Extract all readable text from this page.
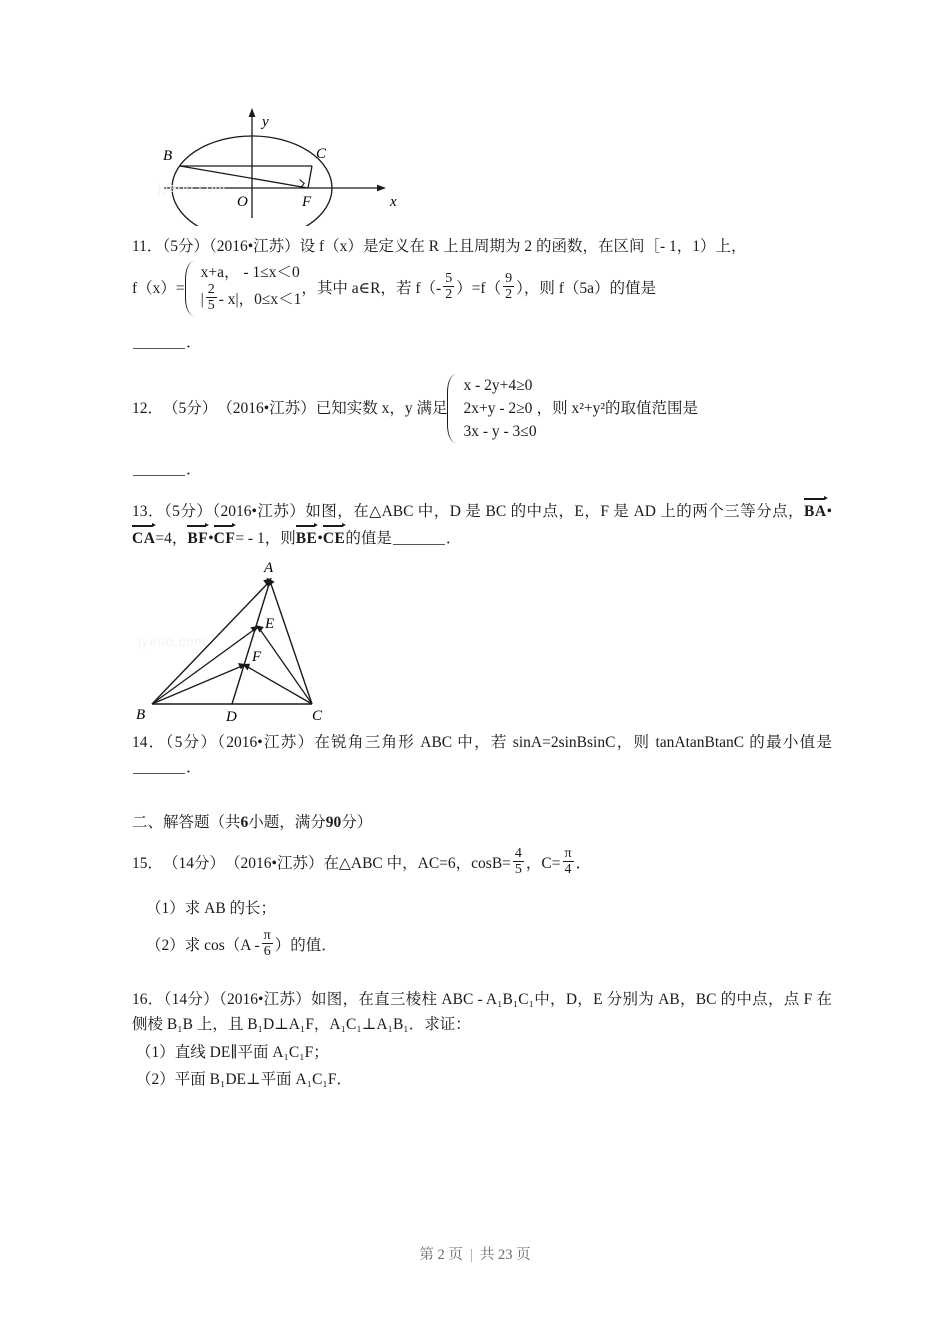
B	C
O	F	x
y
jyeoo.com
11．（5分）（2016•江苏）设 f（x）是定义在 R 上且周期为 2 的函数，在区间［- 1，1）上，
f（x）=
x+a， - 1≤x＜0
| $\frac{2}{5} - x|$，0≤x＜1
，其中 a∈R，若 $f(- \frac{5}{2} )=f( \frac{9}{2}$ ），则 f（5a）的值是
．
12． （5分） （2016•江苏） 已知实数 x，y 满足
x - 2y+4≥0
2x+y - 2≥0
3x - y - 3≤0
，则 x²+y²的取值范围是
．
13．（5分）（2016•江苏）如图，在△ABC 中，D 是 BC 的中点，E，F 是 AD 上的两个三等分点，BA•CA=4，BF•CF= - 1，则BE•CE的值是	．
A
B	C
D
E
F
jyeoo.com
14．（5分）（2016•江苏）在锐角三角形 ABC 中，若 sinA=2sinBsinC，则 tanAtanBtanC 的最小值是．
二、解答题（共6小题，满分90分）
15． （14分） （2016•江苏） 在△ABC 中，AC=6，$\cos B= \frac{4}{5}$ ，$C= \frac{\pi}{4}$ ．
（1）求 AB 的长；
（2）求 $\cos(A - \frac{\pi}{6}$ ）的值．
16．（14分）（2016•江苏）如图，在直三棱柱 ABC - A₁B₁C₁中，D，E 分别为 AB，BC 的中点，点 F 在侧棱 B₁B 上，且 B₁D⊥A₁F，A₁C₁⊥A₁B₁．求证：
（1）直线 DE∥平面 A₁C₁F；
（2）平面 B₁DE⊥平面 A₁C₁F．
第 2 页 | 共 23 页
